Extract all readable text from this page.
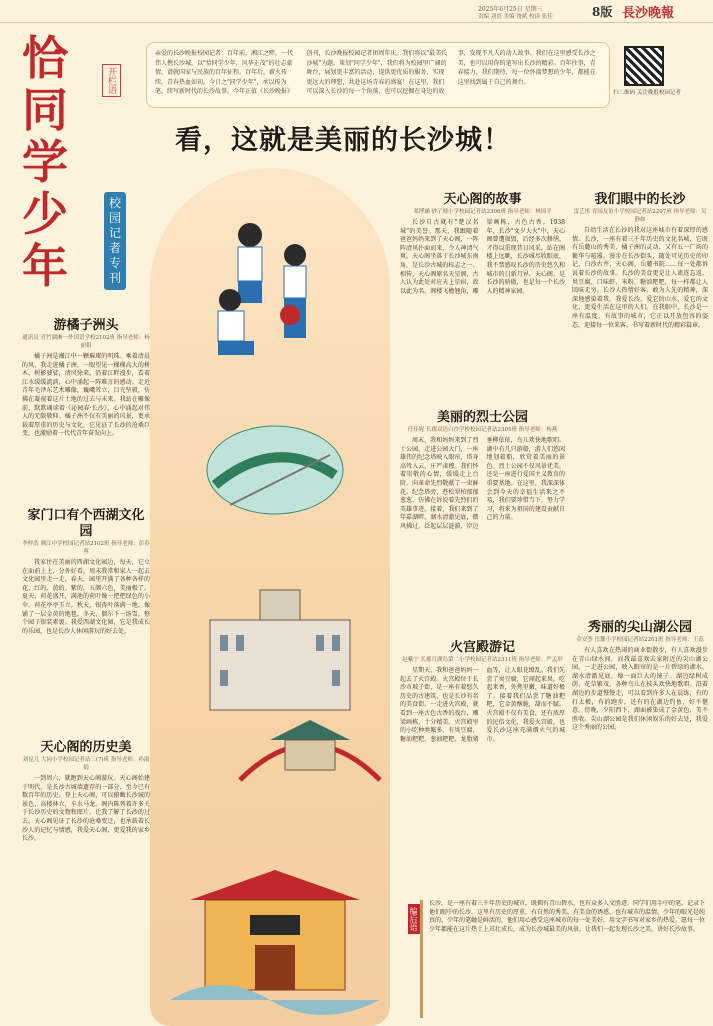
2025年6月25日 星期三
责编 刘晨 美编 饶斌 校读 张佳	8版 長沙晚報
恰同学少年
开栏语
校园记者专刊
亲爱的长沙晚报校园记者：百年前，湘江之畔，一代伟人携长沙城，以"恰同学少年，风华正茂"的壮志豪情，谱就国家与民族的百年征程。百年后，薪火传续，青春热血如初。今日之"同学少年"，承以传为笔，续写新时代的长沙故事。今年正值《长沙晚报》创刊，长沙晚报校园记者团周年庆。我们将以"最美长沙城"为题，策划"同学少年"，我们将为校园里广阔的舞台，展划更丰富的活动，提供更优质的服务，实现更远大的理想，共赴这场青春的盛宴！在这里，我们可以深入长沙的每一个角落，也可以挖掘在身边的故事，发现不凡人的动人故事。我们在这里感受长沙之美，也可以用你的笔写出长沙的精彩。百年往事，青春接力，我们期待，每一位怀揣梦想的少年，都能在这里找到属于自己的舞台。
扫二维码 关注晚报校园记者
看，这就是美丽的长沙城！
游橘子洲头
通讯员 青竹湖湘一外国语学校2102班 指导老师：杨丽娟
橘子洲是湘江中一颗璀璨的明珠。乘着清晨的风，我走进橘子洲，一眼望见一棵棵高大的树木，树影婆娑，清风徐来。沿着江畔漫步，看着江水缓缓流淌，心中涌起一阵难言的感动。走近青年毛泽东艺术雕像，巍峨耸立，目光坚毅，仿佛在凝视着这片土地的过去与未来。我站在雕像前，默默诵读着《沁园春·长沙》，心中涌起对伟人的无限敬仰。橘子洲不仅有美丽的风景，更承载着厚重的历史与文化，它见证了长沙的沧桑巨变，也激励着一代代青年奋发向上。
家门口有个西湖文化园
李梓浩 湘江中学校园记者站2102班 指导老师：彭春蓉
我家住在美丽的西湖文化园边，每天，它立在面前上上，分外好看。周末我常和家人一起去文化园里走一走。春天，园里开满了各种各样的花，红的、黄的、紫的，五颜六色，美丽极了。夏天，荷花盛开，满池的荷叶像一把把绿色的小伞，荷花亭亭玉立。秋天，银杏叶落满一地，像铺了一层金黄的地毯。冬天，偶尔下一场雪，整个园子银装素裹。我爱西湖文化园，它是我成长的乐园，也是长沙人休闲游玩的好去处。
天心阁的历史美
刘昆儿 大同小学校园记者站三(7)班 指导老师：孙淑娟
一到周六，就跑到天心阁游玩。天心阁始建于明代，是长沙古城墙遗存的一部分，至今已有数百年的历史。登上天心阁，可以俯瞰长沙城的景色，高楼林立，车水马龙。阁内陈列着许多关于长沙历史的文物和图片，让我了解了长沙的过去。天心阁见证了长沙的沧桑变迁，也承载着长沙人的记忆与情感，我爱天心阁，更爱我的家乡长沙。
天心阁的故事
邓博涵 砂子塘小学校园记者站2306班 指导老师：林国平
长沙自古就有"楚汉名城"的美誉。那天，我跟随着爸爸妈妈来到了天心阁，一阵阵清风扑面而来，令人神清气爽。天心阁坐落于长沙城东南角，是长沙古城的标志之一。相传，天心阁原名天星阁，古人认为此处对应天上星宿，故以此为名。阁楼飞檐翘角，雕梁画栋，古色古香。1938年，长沙"文夕大火"中，天心阁曾遭损毁，后经多次修缮，才得以重现昔日风采。站在阁楼上远眺，长沙城尽收眼底，我不禁感叹长沙的历史悠久和城市的日新月异。天心阁，是长沙的骄傲，也是每一个长沙人的精神家园。
美丽的烈士公园
任佳妮 长郡双语白沙学校校园记者站2305班 指导老师：杨燕
周末，我和妈妈来到了烈士公园。走进公园大门，一座雄伟的纪念塔映入眼帘，塔身高耸入云，庄严肃穆。我们怀着崇敬的心情，缓缓走上台阶，向革命先烈敬献了一束鲜花。纪念塔旁，苍松翠柏郁郁葱葱，仿佛在诉说着先烈们的英雄事迹。接着，我们来到了年嘉湖畔，湖水清澈见底，微风拂过，泛起层层涟漪，岸边垂柳依依，鸟儿欢快地歌唱。湖中有几只游船，游人们悠闲地划着船，欣赏着美丽的景色。烈士公园不仅风景优美，还是一座进行爱国主义教育的重要基地。在这里，我深深体会到今天的幸福生活来之不易，我们要珍惜当下，努力学习，将来为祖国的建设贡献自己的力量。
火宫殿游记
赵紫宁 长郡月湖岛第二小学校园记者站2311班 指导老师：严孟形
星期天，我和爸爸妈妈一起去了火宫殿。火宫殿位于长沙市坡子街，是一座有着悠久历史的古建筑，也是长沙有名的美食街。一走进火宫殿，就看到一座古色古香的戏台，雕梁画栋，十分精美。火宫殿里的小吃种类繁多，有臭豆腐、糖油粑粑、葱油粑粑、龙脂猪血等，让人眼花缭乱。我们先尝了臭豆腐，它闻起来臭，吃起来香，外焦里嫩，味道好极了。接着我们品尝了糖油粑粑，它金黄酥脆，甜而不腻。火宫殿不仅有美食，还有浓厚的民俗文化，我爱火宫殿，也爱长沙这座充满烟火气的城市。
我们眼中的长沙
雷艺彤 青园友谊小学校园记者站2207班 指导老师：吴静如
自幼生活在长沙的我对这座城市有着深厚的感情。长沙，一座有着三千年历史的文化名城，它既有岳麓山的秀美、橘子洲的灵动，又有五一广场的繁华与喧嚣。漫步在长沙街头，随处可见历史的印记，白沙古井、天心阁、岳麓书院……每一处都诉说着长沙的故事。长沙的美食更是让人流连忘返，臭豆腐、口味虾、米粉、糖油粑粑，每一样都让人回味无穷。长沙人热情好客、敢为人先的精神，深深地感染着我。我爱长沙，爱它的山水，爱它的文化，更爱生活在这里的人们。在我眼中，长沙是一座有温度、有故事的城市，它正以开放包容的姿态，迎接每一位来客，书写着新时代的精彩篇章。
秀丽的尖山湖公园
金安荟 岳麓小学校园记者站2201班 指导老师：王蕊
有人喜欢在热闹的商业街散步，有人喜欢漫步在青山绿水间，而我最喜欢去家附近的尖山湖公园。一走进公园，映入眼帘的是一片碧绿的湖水，湖水清澈见底，像一面巨大的镜子。湖边绿树成荫，花草繁茂，各种鸟儿在枝头欢快地歌唱。沿着湖边的步道慢慢走，可以看到许多人在晨练，有的打太极，有的跑步，还有的在湖边钓鱼，好不惬意。傍晚，夕阳西下，湖面被染成了金黄色，美不胜收。尖山湖公园是我们休闲娱乐的好去处，我爱这个秀丽的公园。
编后语
长沙，是一座有着三千年历史的城市，既拥有青山碧水，也有众多人文胜迹。同学们用手中的笔，记录下他们眼中的长沙，这里有历史的厚重，有自然的秀美，有美食的诱惑，也有城市的温情。少年的眼光是纯真的，少年的笔触是鲜活的，他们用心感受这座城市的每一处美好，用文字书写对家乡的热爱。愿每一位少年都能在这片热土上茁壮成长，成为长沙城最美的风景，让我们一起发现长沙之美，讲好长沙故事。
